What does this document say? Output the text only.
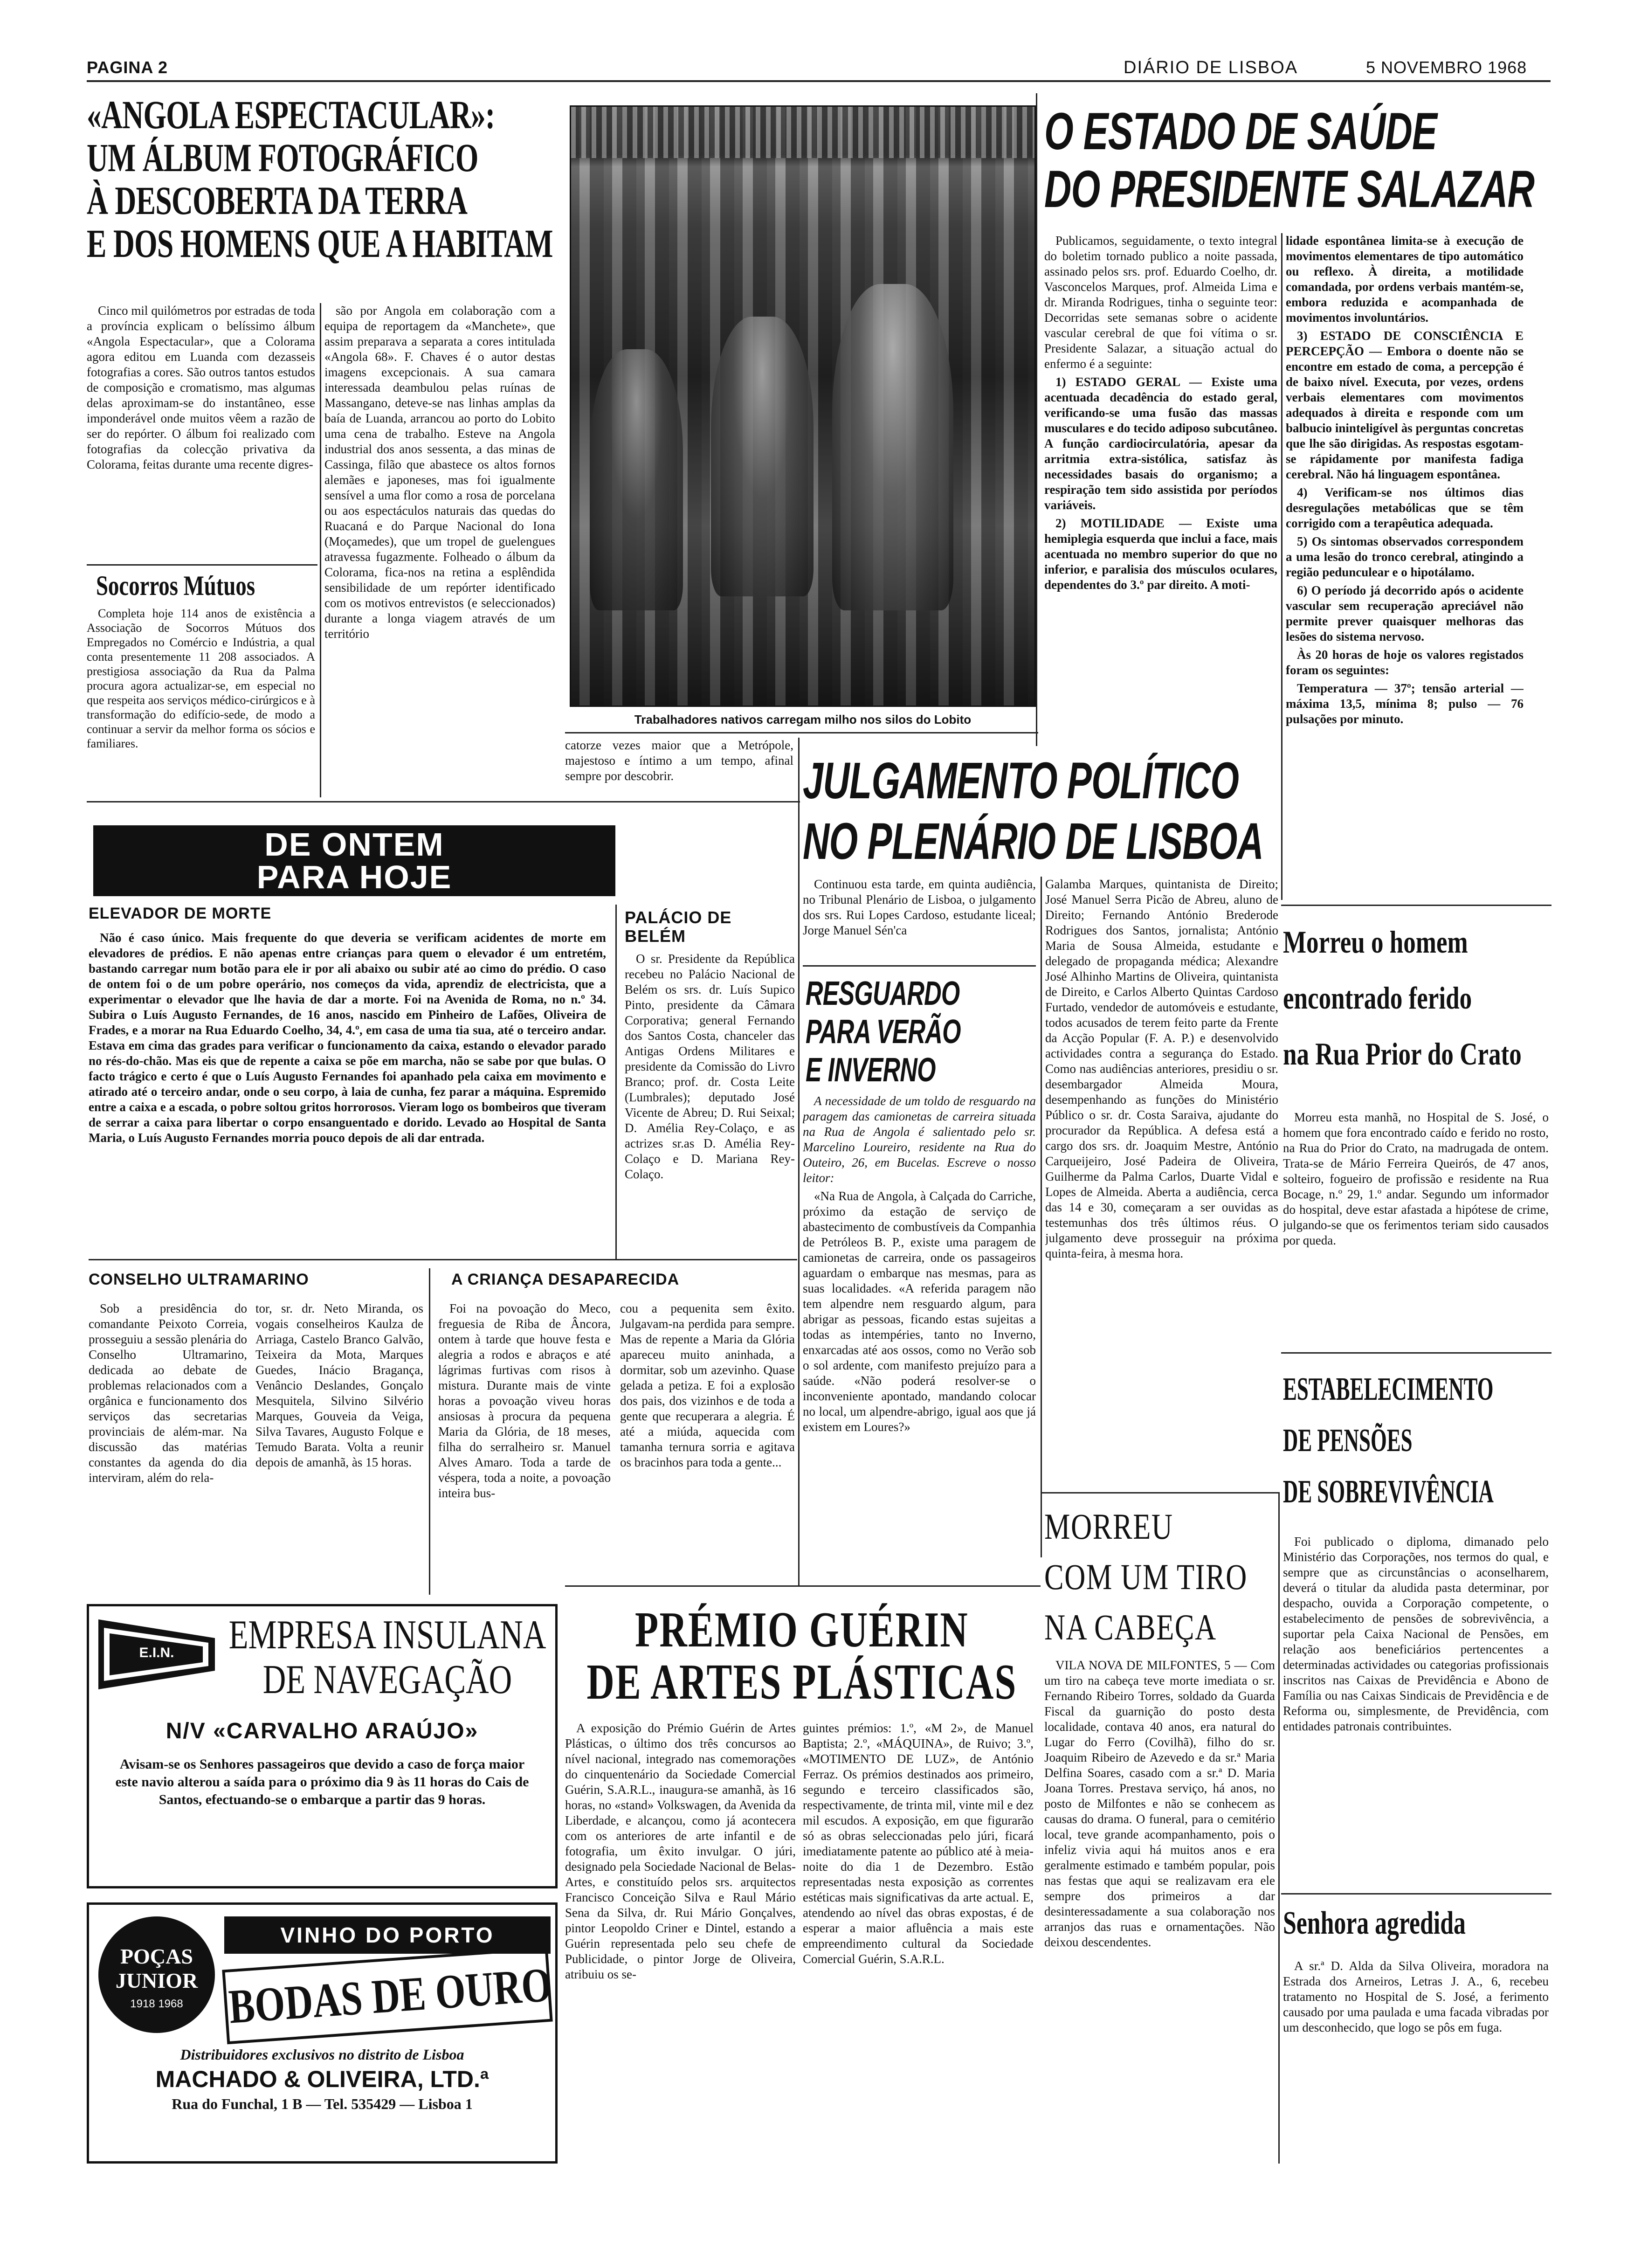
PAGINA 2	DIÁRIO DE LISBOA	5 NOVEMBRO 1968
«ANGOLA ESPECTACULAR»:
UM ÁLBUM FOTOGRÁFICO
À DESCOBERTA DA TERRA
E DOS HOMENS QUE A HABITAM

Cinco mil quilómetros por estradas de toda a província explicam o belíssimo álbum «Angola Espectacular», que a Colorama agora editou em Luanda com dezasseis fotografias a cores. São outros tantos estudos de composição e cromatismo, mas algumas delas aproximam-se do instantâneo, esse imponderável onde muitos vêem a razão de ser do repórter. O álbum foi realizado com fotografias da colecção privativa da Colorama, feitas durante uma recente digres-

são por Angola em colaboração com a equipa de reportagem da «Manchete», que assim preparava a separata a cores intitulada «Angola 68». F. Chaves é o autor destas imagens excepcionais. A sua camara interessada deambulou pelas ruínas de Massangano, deteve-se nas linhas amplas da baía de Luanda, arrancou ao porto do Lobito uma cena de trabalho. Esteve na Angola industrial dos anos sessenta, a das minas de Cassinga, filão que abastece os altos fornos alemães e japoneses, mas foi igualmente sensível a uma flor como a rosa de porcelana ou aos espectáculos naturais das quedas do Ruacaná e do Parque Nacional do Iona (Moçamedes), que um tropel de guelengues atravessa fugazmente. Folheado o álbum da Colorama, fica-nos na retina a esplêndida sensibilidade de um repórter identificado com os motivos entrevistos (e seleccionados) durante a longa viagem através de um território

Socorros Mútuos

Completa hoje 114 anos de existência a Associação de Socorros Mútuos dos Empregados no Comércio e Indústria, a qual conta presentemente 11 208 associados. A prestigiosa associação da Rua da Palma procura agora actualizar-se, em especial no que respeita aos serviços médico-cirúrgicos e à transformação do edifício-sede, de modo a continuar a servir da melhor forma os sócios e familiares.

Trabalhadores nativos carregam milho nos silos do Lobito

catorze vezes maior que a Metrópole, majestoso e íntimo a um tempo, afinal sempre por descobrir.

O ESTADO DE SAÚDE
DO PRESIDENTE SALAZAR

Publicamos, seguidamente, o texto integral do boletim tornado publico a noite passada, assinado pelos srs. prof. Eduardo Coelho, dr. Vasconcelos Marques, prof. Almeida Lima e dr. Miranda Rodrigues, tinha o seguinte teor: Decorridas sete semanas sobre o acidente vascular cerebral de que foi vítima o sr. Presidente Salazar, a situação actual do enfermo é a seguinte:

1) ESTADO GERAL — Existe uma acentuada decadência do estado geral, verificando-se uma fusão das massas musculares e do tecido adiposo subcutâneo. A função cardiocirculatória, apesar da arritmia extra-sistólica, satisfaz às necessidades basais do organismo; a respiração tem sido assistida por períodos variáveis.

2) MOTILIDADE — Existe uma hemiplegia esquerda que inclui a face, mais acentuada no membro superior do que no inferior, e paralisia dos músculos oculares, dependentes do 3.º par direito. A moti-

lidade espontânea limita-se à execução de movimentos elementares de tipo automático ou reflexo. À direita, a motilidade comandada, por ordens verbais mantém-se, embora reduzida e acompanhada de movimentos involuntários.

3) ESTADO DE CONSCIÊNCIA E PERCEPÇÃO — Embora o doente não se encontre em estado de coma, a percepção é de baixo nível. Executa, por vezes, ordens verbais elementares com movimentos adequados à direita e responde com um balbucio ininteligível às perguntas concretas que lhe são dirigidas. As respostas esgotam-se rápidamente por manifesta fadiga cerebral. Não há linguagem espontânea.

4) Verificam-se nos últimos dias desregulações metabólicas que se têm corrigido com a terapêutica adequada.

5) Os sintomas observados correspondem a uma lesão do tronco cerebral, atingindo a região pedunculear e o hipotálamo.

6) O período já decorrido após o acidente vascular sem recuperação apreciável não permite prever quaisquer melhoras das lesões do sistema nervoso.

Às 20 horas de hoje os valores registados foram os seguintes:

Temperatura — 37º; tensão arterial — máxima 13,5, mínima 8; pulso — 76 pulsações por minuto.

DE ONTEM
PARA HOJE
ELEVADOR DE MORTE

Não é caso único. Mais frequente do que deveria se verificam acidentes de morte em elevadores de prédios. E não apenas entre crianças para quem o elevador é um entretém, bastando carregar num botão para ele ir por ali abaixo ou subir até ao cimo do prédio. O caso de ontem foi o de um pobre operário, nos começos da vida, aprendiz de electricista, que a experimentar o elevador que lhe havia de dar a morte. Foi na Avenida de Roma, no n.º 34. Subira o Luís Augusto Fernandes, de 16 anos, nascido em Pinheiro de Lafões, Oliveira de Frades, e a morar na Rua Eduardo Coelho, 34, 4.º, em casa de uma tia sua, até o terceiro andar. Estava em cima das grades para verificar o funcionamento da caixa, estando o elevador parado no rés-do-chão. Mas eis que de repente a caixa se põe em marcha, não se sabe por que bulas. O facto trágico e certo é que o Luís Augusto Fernandes foi apanhado pela caixa em movimento e atirado até o terceiro andar, onde o seu corpo, à laia de cunha, fez parar a máquina. Espremido entre a caixa e a escada, o pobre soltou gritos horrorosos. Vieram logo os bombeiros que tiveram de serrar a caixa para libertar o corpo ensanguentado e dorido. Levado ao Hospital de Santa Maria, o Luís Augusto Fernandes morria pouco depois de ali dar entrada.

PALÁCIO DE BELÉM

O sr. Presidente da República recebeu no Palácio Nacional de Belém os srs. dr. Luís Supico Pinto, presidente da Câmara Corporativa; general Fernando dos Santos Costa, chanceler das Antigas Ordens Militares e presidente da Comissão do Livro Branco; prof. dr. Costa Leite (Lumbrales); deputado José Vicente de Abreu; D. Rui Seixal; D. Amélia Rey-Colaço, e as actrizes sr.as D. Amélia Rey-Colaço e D. Mariana Rey-Colaço.

CONSELHO ULTRAMARINO

Sob a presidência do comandante Peixoto Correia, prosseguiu a sessão plenária do Conselho Ultramarino, dedicada ao debate de problemas relacionados com a orgânica e funcionamento dos serviços das secretarias provinciais de além-mar. Na discussão das matérias constantes da agenda do dia interviram, além do rela-

tor, sr. dr. Neto Miranda, os vogais conselheiros Kaulza de Arriaga, Castelo Branco Galvão, Teixeira da Mota, Marques Guedes, Inácio Bragança, Venâncio Deslandes, Gonçalo Mesquitela, Silvino Silvério Marques, Gouveia da Veiga, Silva Tavares, Augusto Folque e Temudo Barata. Volta a reunir depois de amanhã, às 15 horas.

A CRIANÇA DESAPARECIDA

Foi na povoação do Meco, freguesia de Riba de Âncora, ontem à tarde que houve festa e alegria a rodos e abraços e até lágrimas furtivas com risos à mistura. Durante mais de vinte horas a povoação viveu horas ansiosas à procura da pequena Maria da Glória, de 18 meses, filha do serralheiro sr. Manuel Alves Amaro. Toda a tarde de véspera, toda a noite, a povoação inteira bus-

cou a pequenita sem êxito. Julgavam-na perdida para sempre. Mas de repente a Maria da Glória apareceu muito aninhada, a dormitar, sob um azevinho. Quase gelada a petiza. E foi a explosão dos pais, dos vizinhos e de toda a gente que recuperara a alegria. É até a miúda, aquecida com tamanha ternura sorria e agitava os bracinhos para toda a gente...

JULGAMENTO POLÍTICO
NO PLENÁRIO DE LISBOA

Continuou esta tarde, em quinta audiência, no Tribunal Plenário de Lisboa, o julgamento dos srs. Rui Lopes Cardoso, estudante liceal; Jorge Manuel Sén'ca

Galamba Marques, quintanista de Direito; José Manuel Serra Picão de Abreu, aluno de Direito; Fernando António Brederode Rodrigues dos Santos, jornalista; António Maria de Sousa Almeida, estudante e delegado de propaganda médica; Alexandre José Alhinho Martins de Oliveira, quintanista de Direito, e Carlos Alberto Quintas Cardoso Furtado, vendedor de automóveis e estudante, todos acusados de terem feito parte da Frente da Acção Popular (F. A. P.) e desenvolvido actividades contra a segurança do Estado. Como nas audiências anteriores, presidiu o sr. desembargador Almeida Moura, desempenhando as funções do Ministério Público o sr. dr. Costa Saraiva, ajudante do procurador da República. A defesa está a cargo dos srs. dr. Joaquim Mestre, António Carqueijeiro, José Padeira de Oliveira, Guilherme da Palma Carlos, Duarte Vidal e Lopes de Almeida. Aberta a audiência, cerca das 14 e 30, começaram a ser ouvidas as testemunhas dos três últimos réus. O julgamento deve prosseguir na próxima quinta-feira, à mesma hora.

RESGUARDO
PARA VERÃO
E INVERNO

A necessidade de um toldo de resguardo na paragem das camionetas de carreira situada na Rua de Angola é salientado pelo sr. Marcelino Loureiro, residente na Rua do Outeiro, 26, em Bucelas. Escreve o nosso leitor:

«Na Rua de Angola, à Calçada do Carriche, próximo da estação de serviço de abastecimento de combustíveis da Companhia de Petróleos B. P., existe uma paragem de camionetas de carreira, onde os passageiros aguardam o embarque nas mesmas, para as suas localidades. «A referida paragem não tem alpendre nem resguardo algum, para abrigar as pessoas, ficando estas sujeitas a todas as intempéries, tanto no Inverno, enxarcadas até aos ossos, como no Verão sob o sol ardente, com manifesto prejuízo para a saúde. «Não poderá resolver-se o inconveniente apontado, mandando colocar no local, um alpendre-abrigo, igual aos que já existem em Loures?»

Morreu o homem
encontrado ferido
na Rua Prior do Crato

Morreu esta manhã, no Hospital de S. José, o homem que fora encontrado caído e ferido no rosto, na Rua do Prior do Crato, na madrugada de ontem. Trata-se de Mário Ferreira Queirós, de 47 anos, solteiro, fogueiro de profissão e residente na Rua Bocage, n.º 29, 1.º andar. Segundo um informador do hospital, deve estar afastada a hipótese de crime, julgando-se que os ferimentos teriam sido causados por queda.

ESTABELECIMENTO
DE PENSÕES
DE SOBREVIVÊNCIA

Foi publicado o diploma, dimanado pelo Ministério das Corporações, nos termos do qual, e sempre que as circunstâncias o aconselharem, deverá o titular da aludida pasta determinar, por despacho, ouvida a Corporação competente, o estabelecimento de pensões de sobrevivência, a suportar pela Caixa Nacional de Pensões, em relação aos beneficiários pertencentes a determinadas actividades ou categorias profissionais inscritos nas Caixas de Previdência e Abono de Família ou nas Caixas Sindicais de Previdência e de Reforma ou, simplesmente, de Previdência, com entidades patronais contribuintes.

Senhora agredida

A sr.ª D. Alda da Silva Oliveira, moradora na Estrada dos Arneiros, Letras J. A., 6, recebeu tratamento no Hospital de S. José, a ferimento causado por uma paulada e uma facada vibradas por um desconhecido, que logo se pôs em fuga.

MORREU
COM UM TIRO
NA CABEÇA

VILA NOVA DE MILFONTES, 5 — Com um tiro na cabeça teve morte imediata o sr. Fernando Ribeiro Torres, soldado da Guarda Fiscal da guarnição do posto desta localidade, contava 40 anos, era natural do Lugar do Ferro (Covilhã), filho do sr. Joaquim Ribeiro de Azevedo e da sr.ª Maria Delfina Soares, casado com a sr.ª D. Maria Joana Torres. Prestava serviço, há anos, no posto de Milfontes e não se conhecem as causas do drama. O funeral, para o cemitério local, teve grande acompanhamento, pois o infeliz vivia aqui há muitos anos e era geralmente estimado e também popular, pois nas festas que aqui se realizavam era ele sempre dos primeiros a dar desinteressadamente a sua colaboração nos arranjos das ruas e ornamentações. Não deixou descendentes.

PRÉMIO GUÉRIN
DE ARTES PLÁSTICAS

A exposição do Prémio Guérin de Artes Plásticas, o último dos três concursos ao nível nacional, integrado nas comemorações do cinquentenário da Sociedade Comercial Guérin, S.A.R.L., inaugura-se amanhã, às 16 horas, no «stand» Volkswagen, da Avenida da Liberdade, e alcançou, como já acontecera com os anteriores de arte infantil e de fotografia, um êxito invulgar. O júri, designado pela Sociedade Nacional de Belas-Artes, e constituído pelos srs. arquitectos Francisco Conceição Silva e Raul Mário Sena da Silva, dr. Rui Mário Gonçalves, pintor Leopoldo Criner e Dintel, estando a Guérin representada pelo seu chefe de Publicidade, o pintor Jorge de Oliveira, atribuiu os se-

guintes prémios: 1.º, «M 2», de Manuel Baptista; 2.º, «MÁQUINA», de Ruivo; 3.º, «MOTIMENTO DE LUZ», de António Ferraz. Os prémios destinados aos primeiro, segundo e terceiro classificados são, respectivamente, de trinta mil, vinte mil e dez mil escudos. A exposição, em que figurarão só as obras seleccionadas pelo júri, ficará imediatamente patente ao público até à meia-noite do dia 1 de Dezembro. Estão representadas nesta exposição as correntes estéticas mais significativas da arte actual. E, atendendo ao nível das obras expostas, é de esperar a maior afluência a mais este empreendimento cultural da Sociedade Comercial Guérin, S.A.R.L.

E.I.N.	EMPRESA INSULANA
DE NAVEGAÇÃO
N/V «CARVALHO ARAÚJO»

Avisam-se os Senhores passageiros que devido a caso de força maior este navio alterou a saída para o próximo dia 9 às 11 horas do Cais de Santos, efectuando-se o embarque a partir das 9 horas.

POÇAS JUNIOR
1918 1968
VINHO DO PORTO
BODAS DE OURO
Distribuidores exclusivos no distrito de Lisboa
MACHADO & OLIVEIRA, LTD.ª
Rua do Funchal, 1 B — Tel. 535429 — Lisboa 1
